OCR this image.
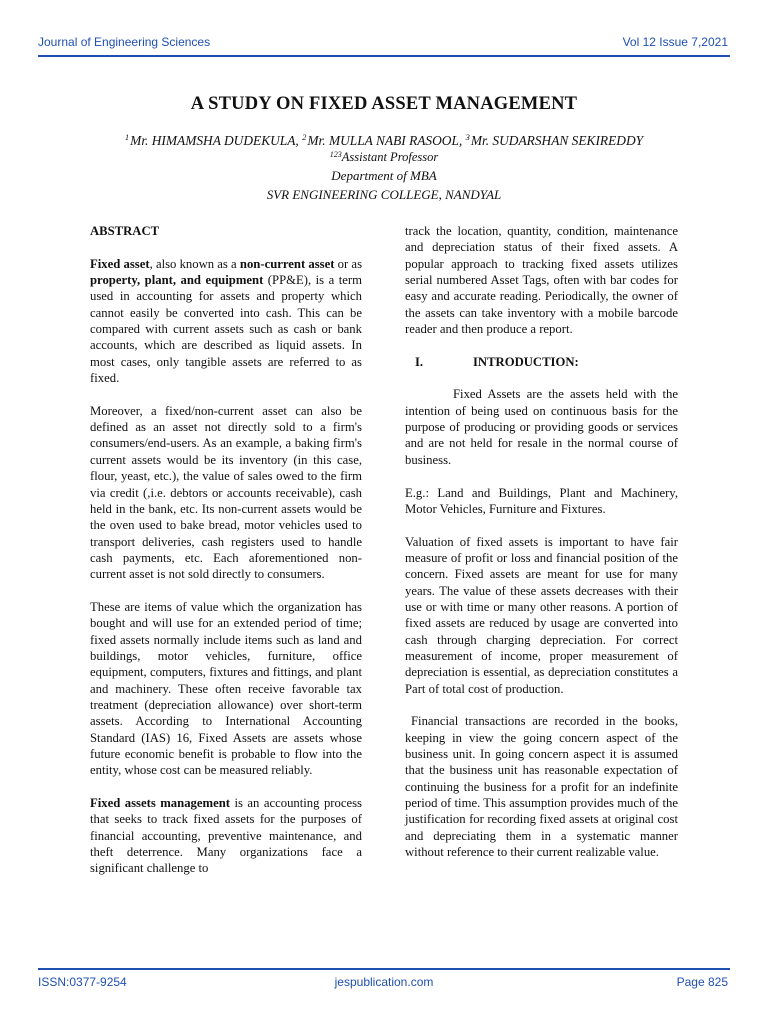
Journal of Engineering Sciences	Vol 12 Issue 7,2021
A STUDY ON FIXED ASSET MANAGEMENT
$^1$Mr. HIMAMSHA DUDEKULA, $^2$Mr. MULLA NABI RASOOL, $^3$Mr. SUDARSHAN SEKIREDDY
$^{123}$Assistant Professor
Department of MBA
SVR ENGINEERING COLLEGE, NANDYAL

ABSTRACT

Fixed asset, also known as a non-current asset or as property, plant, and equipment (PP&E), is a term used in accounting for assets and property which cannot easily be converted into cash. This can be compared with current assets such as cash or bank accounts, which are described as liquid assets. In most cases, only tangible assets are referred to as fixed.

Moreover, a fixed/non-current asset can also be defined as an asset not directly sold to a firm's consumers/end-users. As an example, a baking firm's current assets would be its inventory (in this case, flour, yeast, etc.), the value of sales owed to the firm via credit (,i.e. debtors or accounts receivable), cash held in the bank, etc. Its non-current assets would be the oven used to bake bread, motor vehicles used to transport deliveries, cash registers used to handle cash payments, etc. Each aforementioned non-current asset is not sold directly to consumers.

These are items of value which the organization has bought and will use for an extended period of time; fixed assets normally include items such as land and buildings, motor vehicles, furniture, office equipment, computers, fixtures and fittings, and plant and machinery. These often receive favorable tax treatment (depreciation allowance) over short-term assets. According to International Accounting Standard (IAS) 16, Fixed Assets are assets whose future economic benefit is probable to flow into the entity, whose cost can be measured reliably.

Fixed assets management is an accounting process that seeks to track fixed assets for the purposes of financial accounting, preventive maintenance, and theft deterrence. Many organizations face a significant challenge to

track the location, quantity, condition, maintenance and depreciation status of their fixed assets. A popular approach to tracking fixed assets utilizes serial numbered Asset Tags, often with bar codes for easy and accurate reading. Periodically, the owner of the assets can take inventory with a mobile barcode reader and then produce a report.

I.	INTRODUCTION:

Fixed Assets are the assets held with the intention of being used on continuous basis for the purpose of producing or providing goods or services and are not held for resale in the normal course of business.

E.g.: Land and Buildings, Plant and Machinery, Motor Vehicles, Furniture and Fixtures.

Valuation of fixed assets is important to have fair measure of profit or loss and financial position of the concern. Fixed assets are meant for use for many years. The value of these assets decreases with their use or with time or many other reasons. A portion of fixed assets are reduced by usage are converted into cash through charging depreciation. For correct measurement of income, proper measurement of depreciation is essential, as depreciation constitutes a Part of total cost of production.

Financial transactions are recorded in the books, keeping in view the going concern aspect of the business unit. In going concern aspect it is assumed that the business unit has reasonable expectation of continuing the business for a profit for an indefinite period of time. This assumption provides much of the justification for recording fixed assets at original cost and depreciating them in a systematic manner without reference to their current realizable value.

ISSN:0377-9254	jespublication.com	Page 825
